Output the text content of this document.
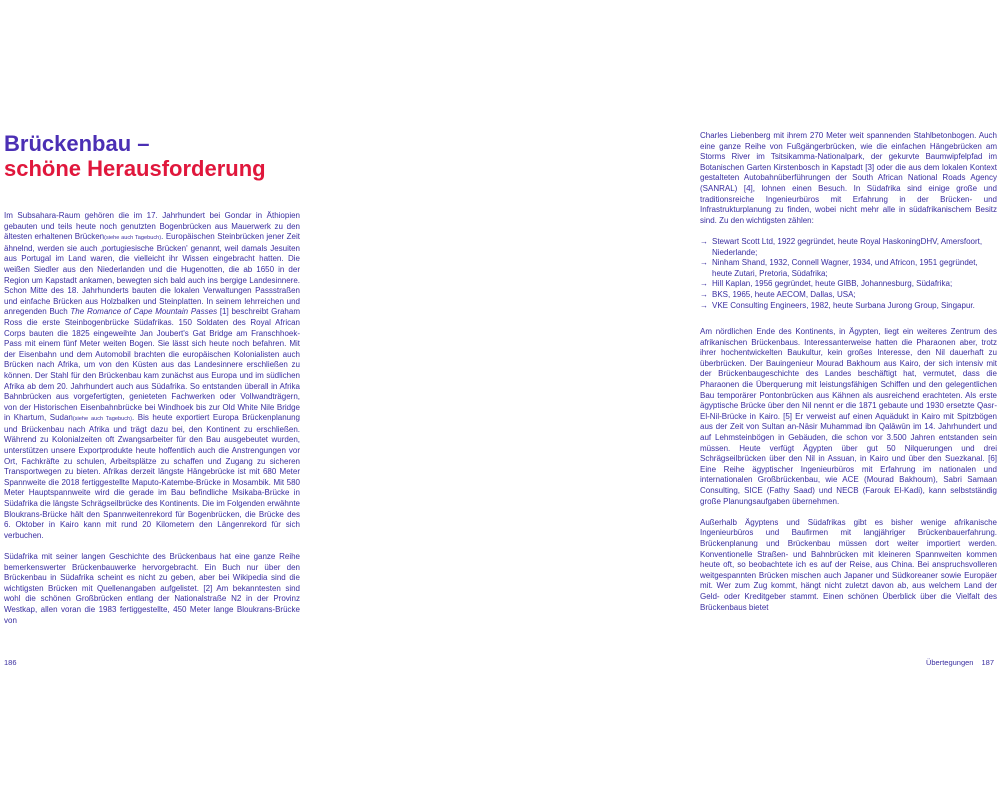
Brückenbau –
schöne Herausforderung

Im Subsahara-Raum gehören die im 17. Jahrhundert bei Gondar in Äthiopien gebauten und teils heute noch genutzten Bogenbrücken aus Mauerwerk zu den ältesten erhaltenen Brücken(siehe auch Tagebuch). Europäischen Steinbrücken jener Zeit ähnelnd, werden sie auch ‚portugiesische Brücken' genannt, weil damals Jesuiten aus Portugal im Land waren, die vielleicht ihr Wissen eingebracht hatten. Die weißen Siedler aus den Niederlanden und die Hugenotten, die ab 1650 in der Region um Kapstadt ankamen, bewegten sich bald auch ins bergige Landesinnere. Schon Mitte des 18. Jahrhunderts bauten die lokalen Verwaltungen Passstraßen und einfache Brücken aus Holzbalken und Steinplatten. In seinem lehrreichen und anregenden Buch The Romance of Cape Mountain Passes [1] beschreibt Graham Ross die erste Steinbogenbrücke Südafrikas. 150 Soldaten des Royal African Corps bauten die 1825 eingeweihte Jan Joubert's Gat Bridge am Franschhoek-Pass mit einem fünf Meter weiten Bogen. Sie lässt sich heute noch befahren. Mit der Eisenbahn und dem Automobil brachten die europäischen Kolonialisten auch Brücken nach Afrika, um von den Küsten aus das Landesinnere erschließen zu können. Der Stahl für den Brückenbau kam zunächst aus Europa und im südlichen Afrika ab dem 20. Jahrhundert auch aus Südafrika. So entstanden überall in Afrika Bahnbrücken aus vorgefertigten, genieteten Fachwerken oder Vollwandträgern, von der Historischen Eisenbahnbrücke bei Windhoek bis zur Old White Nile Bridge in Khartum, Sudan(siehe auch Tagebuch). Bis heute exportiert Europa Brückenplanung und Brückenbau nach Afrika und trägt dazu bei, den Kontinent zu erschließen. Während zu Kolonialzeiten oft Zwangsarbeiter für den Bau ausgebeutet wurden, unterstützen unsere Exportprodukte heute hoffentlich auch die Anstrengungen vor Ort, Fachkräfte zu schulen, Arbeitsplätze zu schaffen und Zugang zu sicheren Transportwegen zu bieten. Afrikas derzeit längste Hängebrücke ist mit 680 Meter Spannweite die 2018 fertiggestellte Maputo-Katembe-Brücke in Mosambik. Mit 580 Meter Hauptspannweite wird die gerade im Bau befindliche Msikaba-Brücke in Südafrika die längste Schrägseilbrücke des Kontinents. Die im Folgenden erwähnte Bloukrans-Brücke hält den Spannweitenrekord für Bogenbrücken, die Brücke des 6. Oktober in Kairo kann mit rund 20 Kilometern den Längenrekord für sich verbuchen.

Südafrika mit seiner langen Geschichte des Brückenbaus hat eine ganze Reihe bemerkenswerter Brückenbauwerke hervorgebracht. Ein Buch nur über den Brückenbau in Südafrika scheint es nicht zu geben, aber bei Wikipedia sind die wichtigsten Brücken mit Quellenangaben aufgelistet. [2] Am bekanntesten sind wohl die schönen Großbrücken entlang der Nationalstraße N2 in der Provinz Westkap, allen voran die 1983 fertiggestellte, 450 Meter lange Bloukrans-Brücke von

186

Charles Liebenberg mit ihrem 270 Meter weit spannenden Stahlbetonbogen. Auch eine ganze Reihe von Fußgängerbrücken, wie die einfachen Hängebrücken am Storms River im Tsitsikamma-Nationalpark, der gekurvte Baumwipfelpfad im Botanischen Garten Kirstenbosch in Kapstadt [3] oder die aus dem lokalen Kontext gestalteten Autobahnüberführungen der South African National Roads Agency (SANRAL) [4], lohnen einen Besuch. In Südafrika sind einige große und traditionsreiche Ingenieurbüros mit Erfahrung in der Brücken- und Infrastrukturplanung zu finden, wobei nicht mehr alle in südafrikanischem Besitz sind. Zu den wichtigsten zählen:

→ Stewart Scott Ltd, 1922 gegründet, heute Royal HaskoningDHV, Amersfoort, Niederlande;
→ Ninham Shand, 1932, Connell Wagner, 1934, und Africon, 1951 gegründet, heute Zutari, Pretoria, Südafrika;
→ Hill Kaplan, 1956 gegründet, heute GIBB, Johannesburg, Südafrika;
→ BKS, 1965, heute AECOM, Dallas, USA;
→ VKE Consulting Engineers, 1982, heute Surbana Jurong Group, Singapur.

Am nördlichen Ende des Kontinents, in Ägypten, liegt ein weiteres Zentrum des afrikanischen Brückenbaus. Interessanterweise hatten die Pharaonen aber, trotz ihrer hochentwickelten Baukultur, kein großes Interesse, den Nil dauerhaft zu überbrücken. Der Bauingenieur Mourad Bakhoum aus Kairo, der sich intensiv mit der Brückenbaugeschichte des Landes beschäftigt hat, vermutet, dass die Pharaonen die Überquerung mit leistungsfähigen Schiffen und den gelegentlichen Bau temporärer Pontonbrücken aus Kähnen als ausreichend erachteten. Als erste ägyptische Brücke über den Nil nennt er die 1871 gebaute und 1930 ersetzte Qasr-El-Nil-Brücke in Kairo. [5] Er verweist auf einen Aquädukt in Kairo mit Spitzbögen aus der Zeit von Sultan an-Nāsir Muhammad ibn Qalāwūn im 14. Jahrhundert und auf Lehmsteinbögen in Gebäuden, die schon vor 3.500 Jahren entstanden sein müssen. Heute verfügt Ägypten über gut 50 Nilquerungen und drei Schrägseilbrücken über den Nil in Assuan, in Kairo und über den Suezkanal. [6] Eine Reihe ägyptischer Ingenieurbüros mit Erfahrung im nationalen und internationalen Großbrückenbau, wie ACE (Mourad Bakhoum), Sabri Samaan Consulting, SICE (Fathy Saad) und NECB (Farouk El-Kadi), kann selbstständig große Planungsaufgaben übernehmen.

Außerhalb Ägyptens und Südafrikas gibt es bisher wenige afrikanische Ingenieurbüros und Baufirmen mit langjähriger Brückenbauerfahrung. Brückenplanung und Brückenbau müssen dort weiter importiert werden. Konventionelle Straßen- und Bahnbrücken mit kleineren Spannweiten kommen heute oft, so beobachtete ich es auf der Reise, aus China. Bei anspruchsvolleren weitgespannten Brücken mischen auch Japaner und Südkoreaner sowie Europäer mit. Wer zum Zug kommt, hängt nicht zuletzt davon ab, aus welchem Land der Geld- oder Kreditgeber stammt. Einen schönen Überblick über die Vielfalt des Brückenbaus bietet

Übertegungen 187
